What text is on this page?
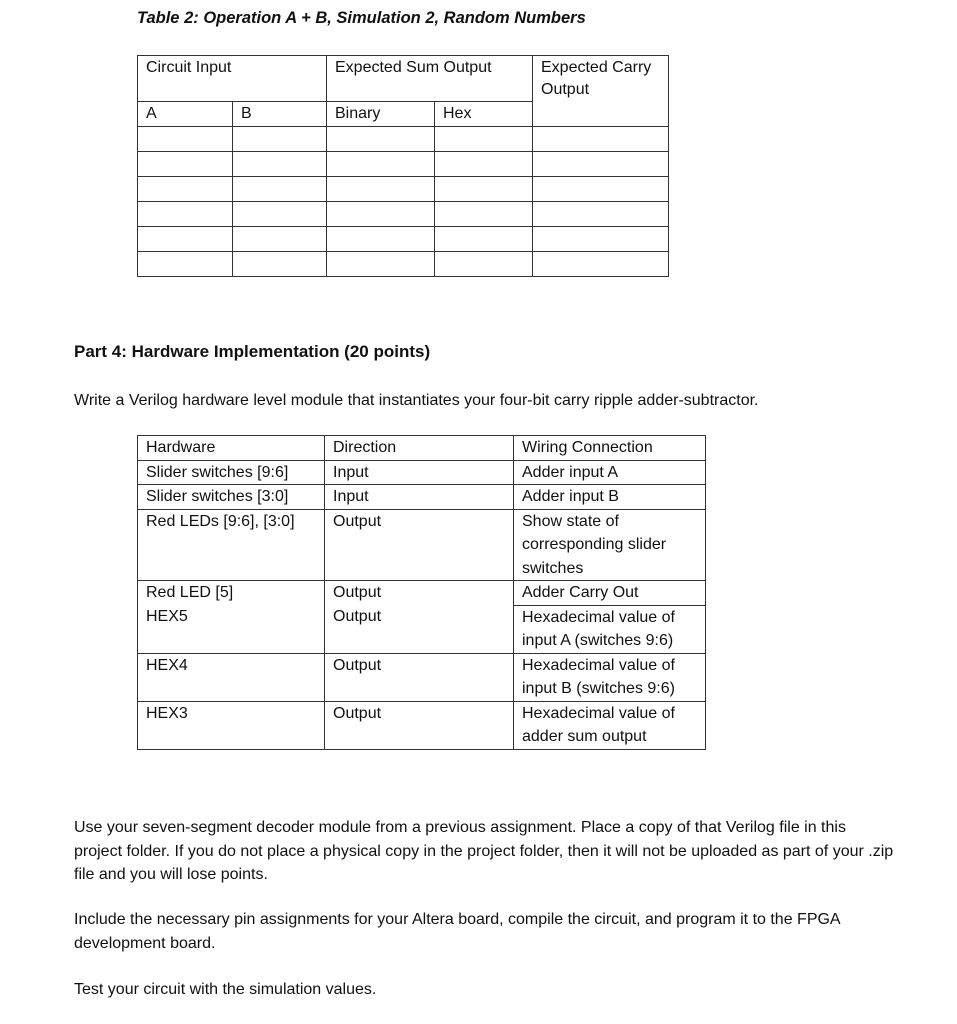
Table 2: Operation A + B, Simulation 2, Random Numbers
Circuit Input		Expected Sum Output		Expected Carry Output
A	B	Binary	Hex	

Part 4: Hardware Implementation (20 points)
Write a Verilog hardware level module that instantiates your four-bit carry ripple adder-subtractor.
Hardware	Direction	Wiring Connection
Slider switches [9:6]	Input	Adder input A
Slider switches [3:0]	Input	Adder input B
Red LEDs [9:6], [3:0]	Output	Show state of corresponding slider switches
Red LED [5]	Output	Adder Carry Out
HEX5	Output	Hexadecimal value of input A (switches 9:6)
HEX4	Output	Hexadecimal value of input B (switches 9:6)
HEX3	Output	Hexadecimal value of adder sum output
Use your seven-segment decoder module from a previous assignment. Place a copy of that Verilog file in this project folder. If you do not place a physical copy in the project folder, then it will not be uploaded as part of your .zip file and you will lose points.
Include the necessary pin assignments for your Altera board, compile the circuit, and program it to the FPGA development board.
Test your circuit with the simulation values.
